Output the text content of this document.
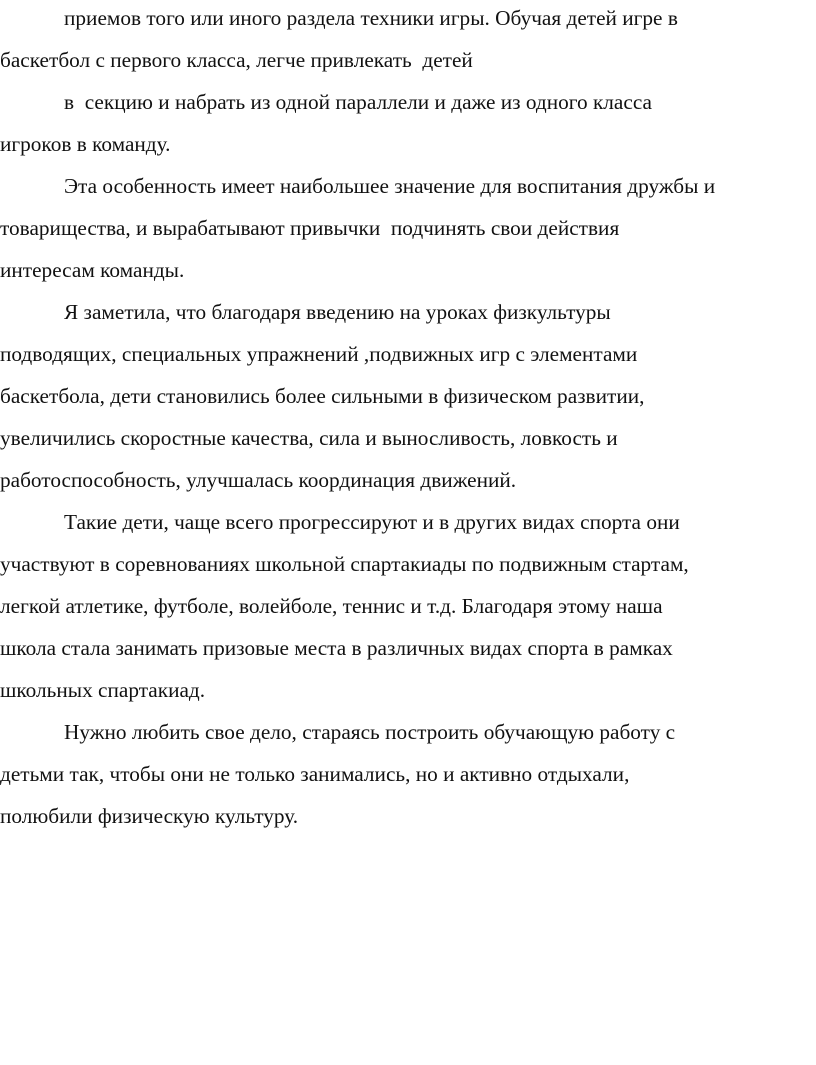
приемов того или иного раздела техники игры. Обучая детей игре в
баскетбол с первого класса, легче привлекать  детей
в  секцию и набрать из одной параллели и даже из одного класса
игроков в команду.
Эта особенность имеет наибольшее значение для воспитания дружбы и
товарищества, и вырабатывают привычки  подчинять свои действия
интересам команды.
Я заметила, что благодаря введению на уроках физкультуры
подводящих, специальных упражнений ,подвижных игр с элементами
баскетбола, дети становились более сильными в физическом развитии,
увеличились скоростные качества, сила и выносливость, ловкость и
работоспособность, улучшалась координация движений.
Такие дети, чаще всего прогрессируют и в других видах спорта они
участвуют в соревнованиях школьной спартакиады по подвижным стартам,
легкой атлетике, футболе, волейболе, теннис и т.д. Благодаря этому наша
школа стала занимать призовые места в различных видах спорта в рамках
школьных спартакиад.
Нужно любить свое дело, стараясь построить обучающую работу с
детьми так, чтобы они не только занимались, но и активно отдыхали,
полюбили физическую культуру.
